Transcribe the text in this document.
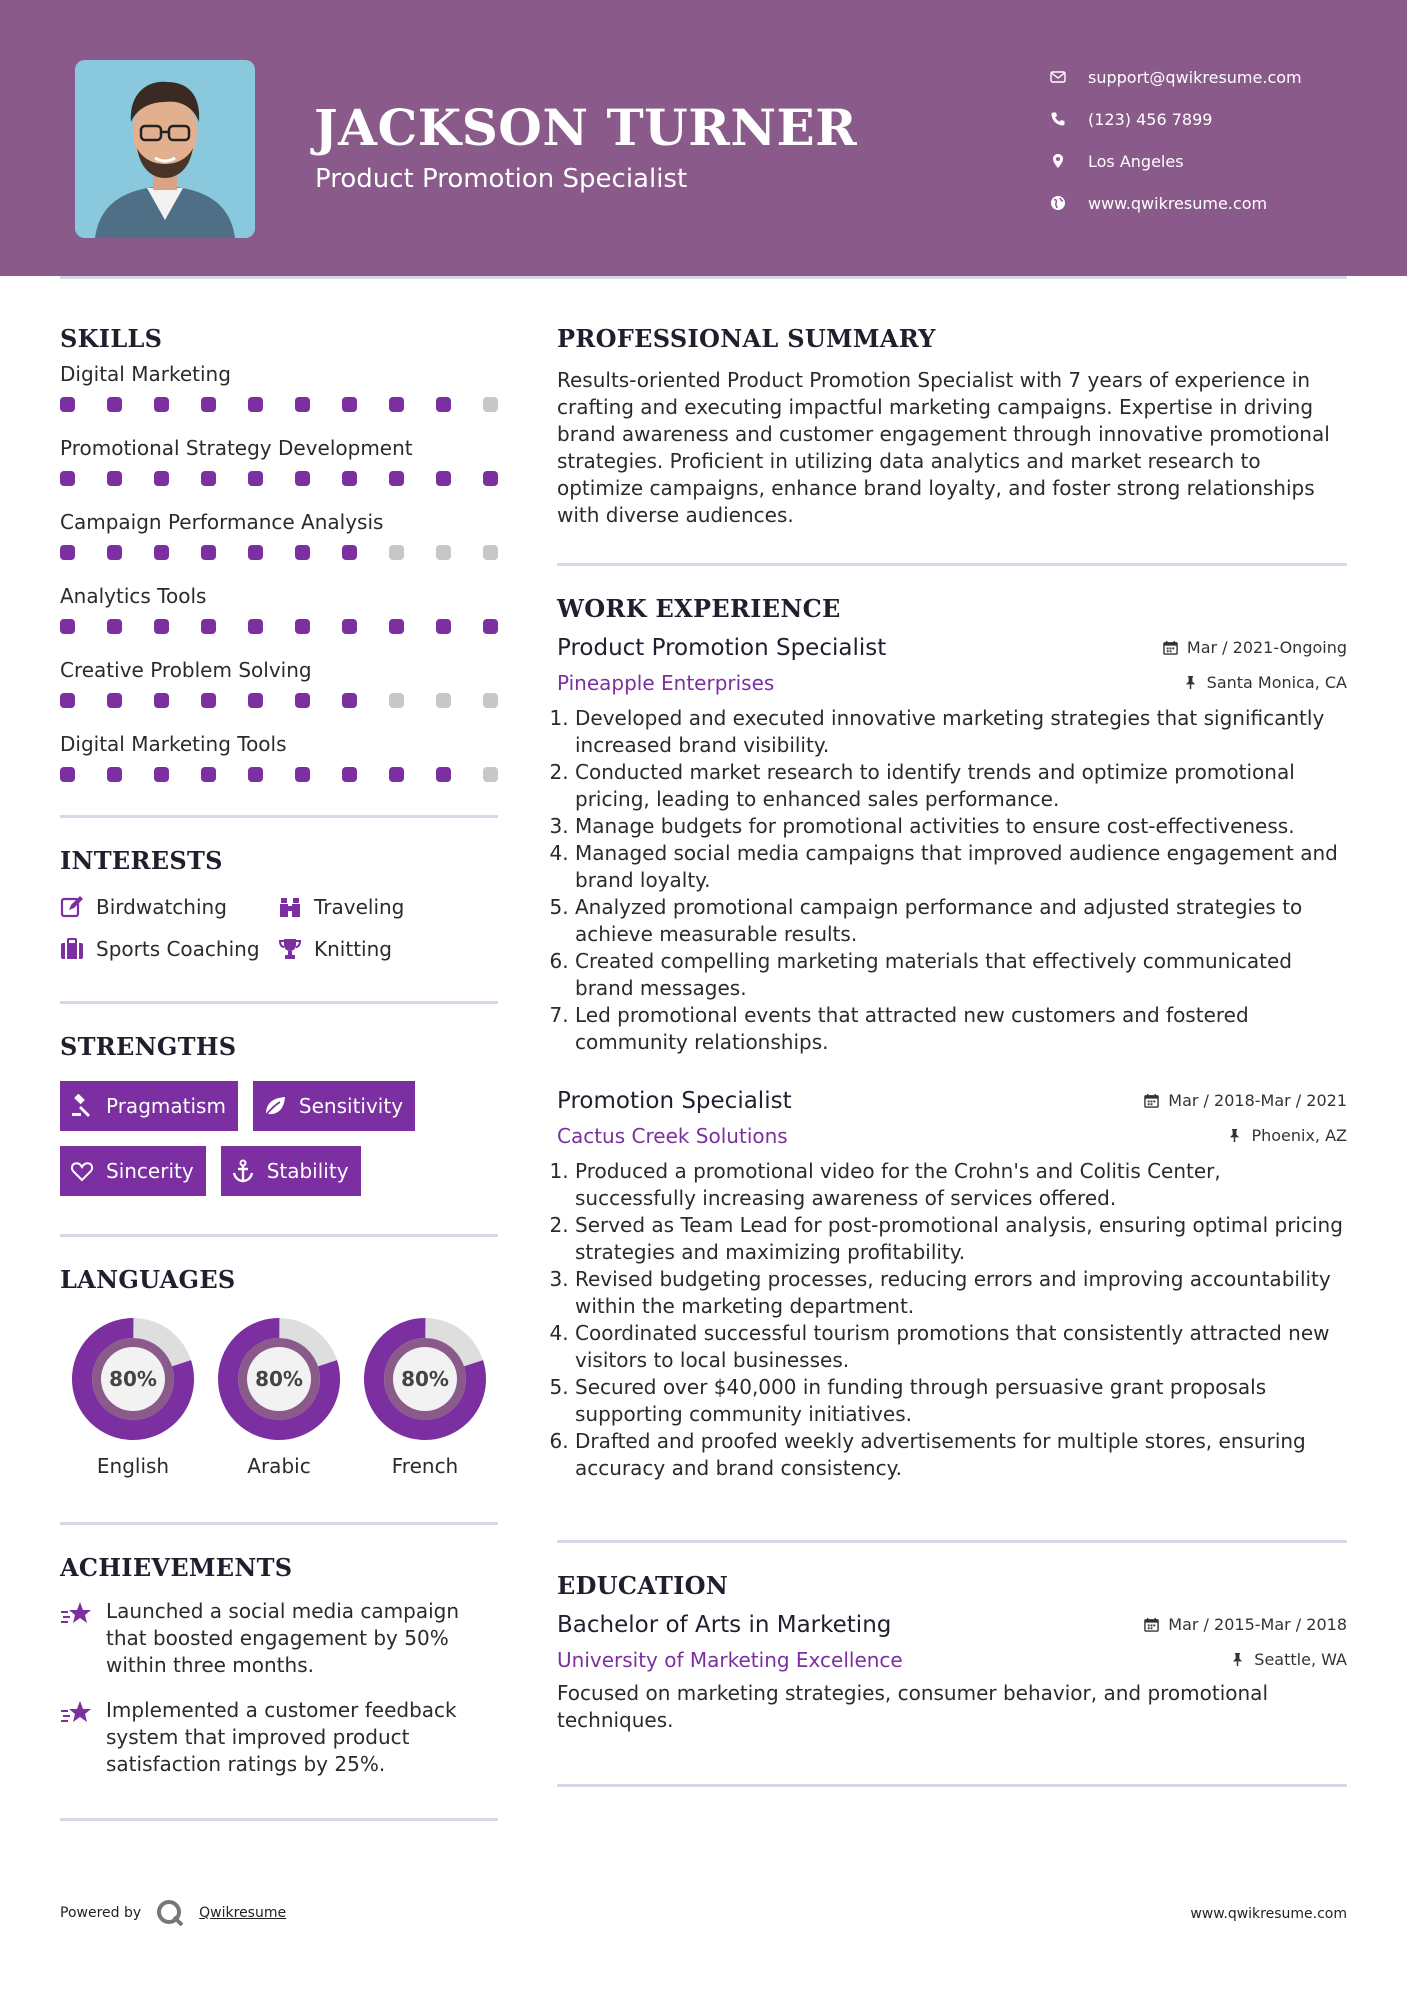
JACKSON TURNER
Product Promotion Specialist
support@qwikresume.com
(123) 456 7899
Los Angeles
www.qwikresume.com
SKILLS
Digital Marketing
Promotional Strategy Development
Campaign Performance Analysis
Analytics Tools
Creative Problem Solving
Digital Marketing Tools
INTERESTS
Birdwatching	Traveling
Sports Coaching	Knitting
STRENGTHS
Pragmatism	Sensitivity
Sincerity	Stability
LANGUAGES
80%
English
80%
Arabic
80%
French
ACHIEVEMENTS
Launched a social media campaign that boosted engagement by 50% within three months.
Implemented a customer feedback system that improved product satisfaction ratings by 25%.
PROFESSIONAL SUMMARY
Results-oriented Product Promotion Specialist with 7 years of experience in crafting and executing impactful marketing campaigns. Expertise in driving brand awareness and customer engagement through innovative promotional strategies. Proficient in utilizing data analytics and market research to optimize campaigns, enhance brand loyalty, and foster strong relationships with diverse audiences.
WORK EXPERIENCE
Product Promotion Specialist	Mar / 2021-Ongoing
Pineapple Enterprises	Santa Monica, CA
1. Developed and executed innovative marketing strategies that significantly increased brand visibility.
2. Conducted market research to identify trends and optimize promotional pricing, leading to enhanced sales performance.
3. Manage budgets for promotional activities to ensure cost-effectiveness.
4. Managed social media campaigns that improved audience engagement and brand loyalty.
5. Analyzed promotional campaign performance and adjusted strategies to achieve measurable results.
6. Created compelling marketing materials that effectively communicated brand messages.
7. Led promotional events that attracted new customers and fostered community relationships.
Promotion Specialist	Mar / 2018-Mar / 2021
Cactus Creek Solutions	Phoenix, AZ
1. Produced a promotional video for the Crohn's and Colitis Center, successfully increasing awareness of services offered.
2. Served as Team Lead for post-promotional analysis, ensuring optimal pricing strategies and maximizing profitability.
3. Revised budgeting processes, reducing errors and improving accountability within the marketing department.
4. Coordinated successful tourism promotions that consistently attracted new visitors to local businesses.
5. Secured over $40,000 in funding through persuasive grant proposals supporting community initiatives.
6. Drafted and proofed weekly advertisements for multiple stores, ensuring accuracy and brand consistency.
EDUCATION
Bachelor of Arts in Marketing	Mar / 2015-Mar / 2018
University of Marketing Excellence	Seattle, WA
Focused on marketing strategies, consumer behavior, and promotional techniques.
Powered by	Qwikresume	www.qwikresume.com
